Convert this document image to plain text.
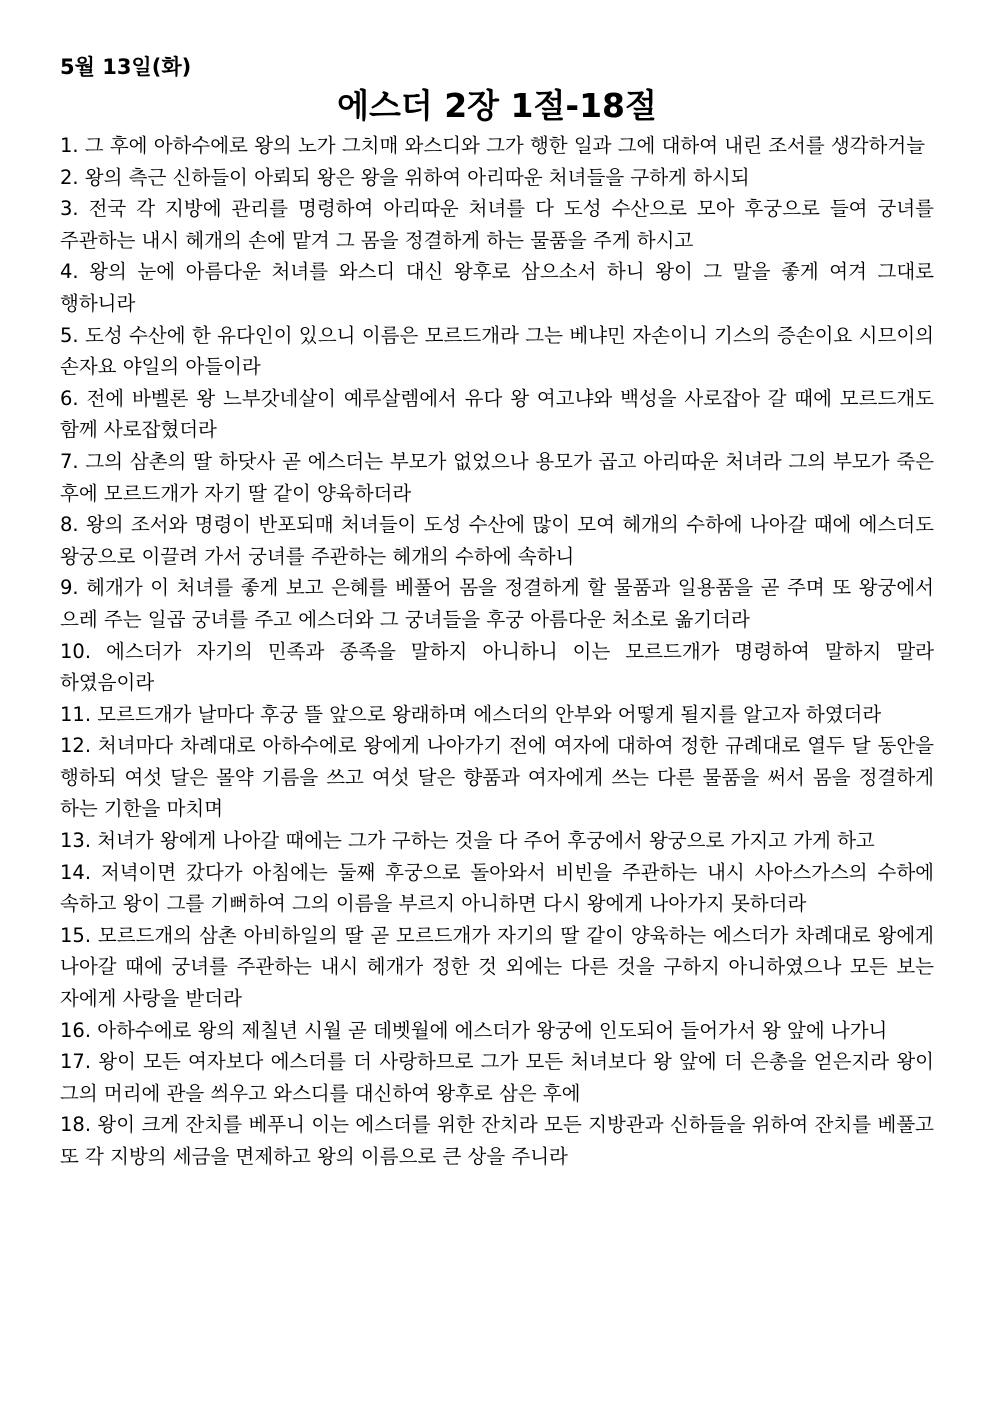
5월 13일(화)

에스더 2장 1절-18절

1. 그 후에 아하수에로 왕의 노가 그치매 와스디와 그가 행한 일과 그에 대하여 내린 조서를 생각하거늘

2. 왕의 측근 신하들이 아뢰되 왕은 왕을 위하여 아리따운 처녀들을 구하게 하시되

3. 전국 각 지방에 관리를 명령하여 아리따운 처녀를 다 도성 수산으로 모아 후궁으로 들여 궁녀를 주관하는 내시 헤개의 손에 맡겨 그 몸을 정결하게 하는 물품을 주게 하시고

4. 왕의 눈에 아름다운 처녀를 와스디 대신 왕후로 삼으소서 하니 왕이 그 말을 좋게 여겨 그대로 행하니라

5. 도성 수산에 한 유다인이 있으니 이름은 모르드개라 그는 베냐민 자손이니 기스의 증손이요 시므이의 손자요 야일의 아들이라

6. 전에 바벨론 왕 느부갓네살이 예루살렘에서 유다 왕 여고냐와 백성을 사로잡아 갈 때에 모르드개도 함께 사로잡혔더라

7. 그의 삼촌의 딸 하닷사 곧 에스더는 부모가 없었으나 용모가 곱고 아리따운 처녀라 그의 부모가 죽은 후에 모르드개가 자기 딸 같이 양육하더라

8. 왕의 조서와 명령이 반포되매 처녀들이 도성 수산에 많이 모여 헤개의 수하에 나아갈 때에 에스더도 왕궁으로 이끌려 가서 궁녀를 주관하는 헤개의 수하에 속하니

9. 헤개가 이 처녀를 좋게 보고 은혜를 베풀어 몸을 정결하게 할 물품과 일용품을 곧 주며 또 왕궁에서 으레 주는 일곱 궁녀를 주고 에스더와 그 궁녀들을 후궁 아름다운 처소로 옮기더라

10. 에스더가 자기의 민족과 종족을 말하지 아니하니 이는 모르드개가 명령하여 말하지 말라 하였음이라

11. 모르드개가 날마다 후궁 뜰 앞으로 왕래하며 에스더의 안부와 어떻게 될지를 알고자 하였더라

12. 처녀마다 차례대로 아하수에로 왕에게 나아가기 전에 여자에 대하여 정한 규례대로 열두 달 동안을 행하되 여섯 달은 몰약 기름을 쓰고 여섯 달은 향품과 여자에게 쓰는 다른 물품을 써서 몸을 정결하게 하는 기한을 마치며

13. 처녀가 왕에게 나아갈 때에는 그가 구하는 것을 다 주어 후궁에서 왕궁으로 가지고 가게 하고

14. 저녁이면 갔다가 아침에는 둘째 후궁으로 돌아와서 비빈을 주관하는 내시 사아스가스의 수하에 속하고 왕이 그를 기뻐하여 그의 이름을 부르지 아니하면 다시 왕에게 나아가지 못하더라

15. 모르드개의 삼촌 아비하일의 딸 곧 모르드개가 자기의 딸 같이 양육하는 에스더가 차례대로 왕에게 나아갈 때에 궁녀를 주관하는 내시 헤개가 정한 것 외에는 다른 것을 구하지 아니하였으나 모든 보는 자에게 사랑을 받더라

16. 아하수에로 왕의 제칠년 시월 곧 데벳월에 에스더가 왕궁에 인도되어 들어가서 왕 앞에 나가니

17. 왕이 모든 여자보다 에스더를 더 사랑하므로 그가 모든 처녀보다 왕 앞에 더 은총을 얻은지라 왕이 그의 머리에 관을 씌우고 와스디를 대신하여 왕후로 삼은 후에

18. 왕이 크게 잔치를 베푸니 이는 에스더를 위한 잔치라 모든 지방관과 신하들을 위하여 잔치를 베풀고 또 각 지방의 세금을 면제하고 왕의 이름으로 큰 상을 주니라
